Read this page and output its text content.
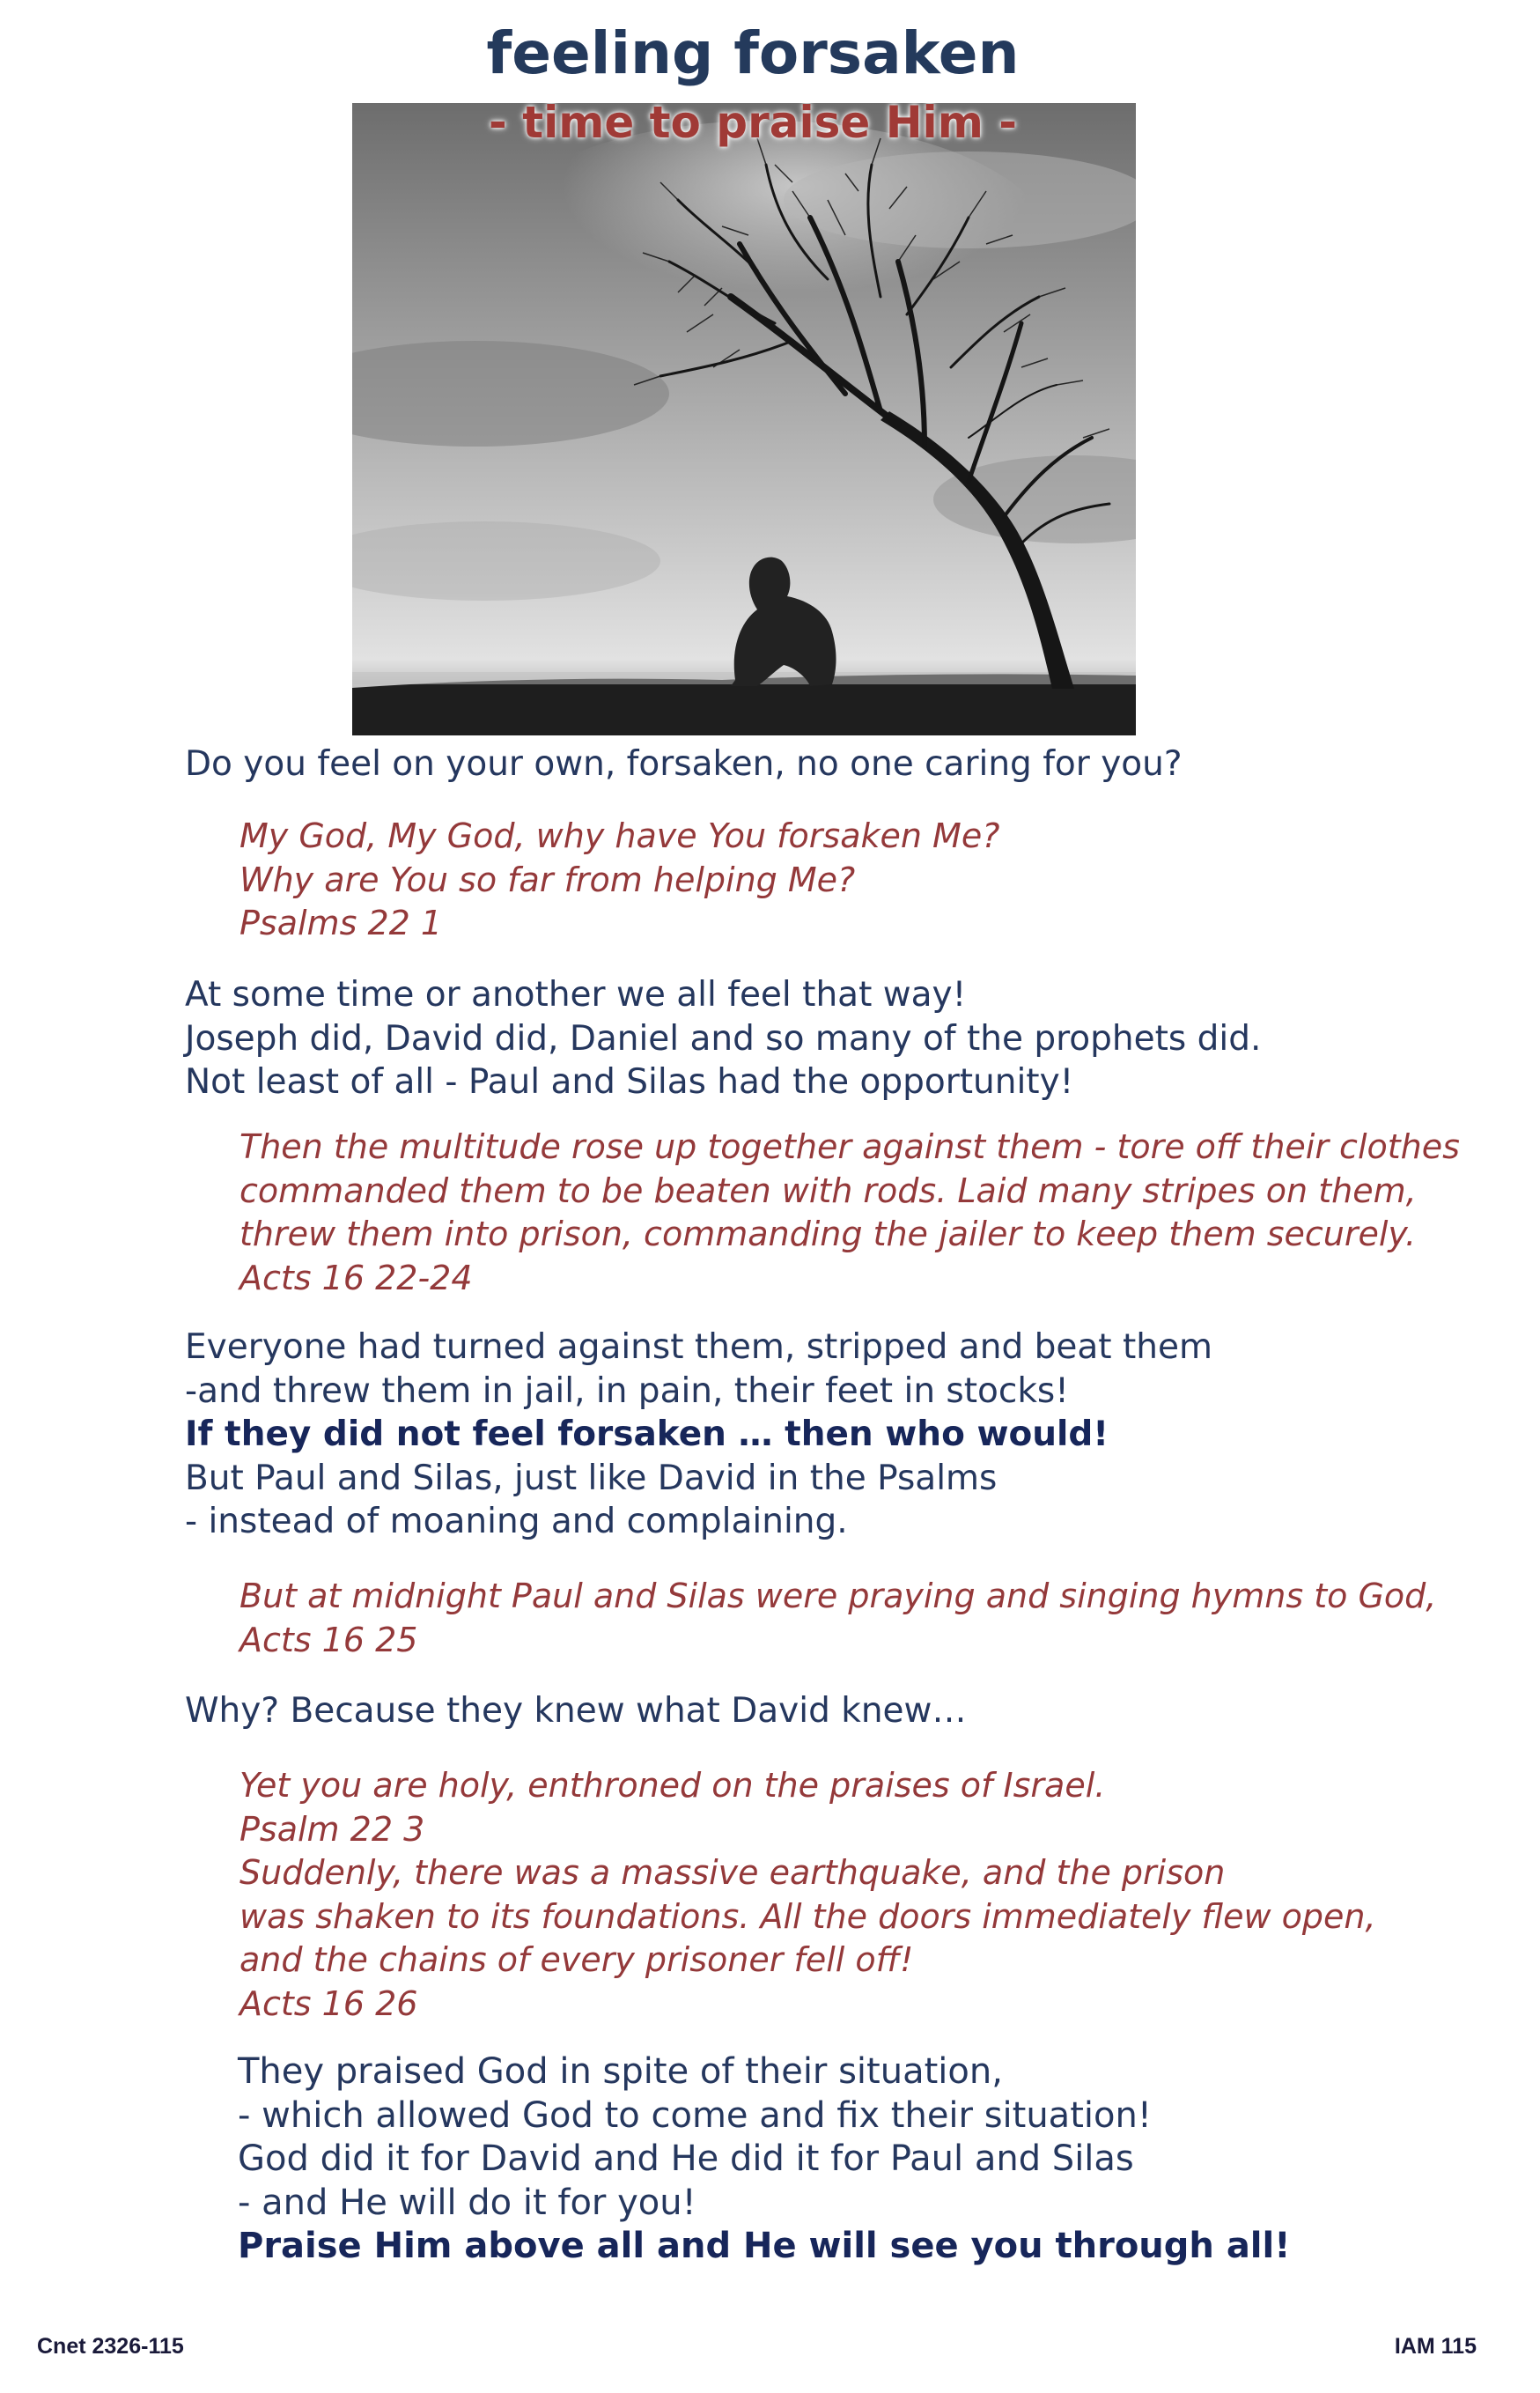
feeling forsaken
- time to praise Him -
Do you feel on your own, forsaken, no one caring for you?
My God, My God, why have You forsaken Me?
Why are You so far from helping Me?
Psalms 22 1
At some time or another we all feel that way!
Joseph did, David did, Daniel and so many of the prophets did.
Not least of all - Paul and Silas had the opportunity!
Then the multitude rose up together against them - tore off their clothes
commanded them to be beaten with rods. Laid many stripes on them,
threw them into prison, commanding the jailer to keep them securely.
Acts 16 22-24
Everyone had turned against them, stripped and beat them
-and threw them in jail, in pain, their feet in stocks!
If they did not feel forsaken … then who would!
But Paul and Silas, just like David in the Psalms
- instead of moaning and complaining.
But at midnight Paul and Silas were praying and singing hymns to God,
Acts 16 25
Why? Because they knew what David knew…
Yet you are holy, enthroned on the praises of Israel.
Psalm 22 3
Suddenly, there was a massive earthquake, and the prison
was shaken to its foundations. All the doors immediately flew open,
and the chains of every prisoner fell off!
Acts 16 26
They praised God in spite of their situation,
- which allowed God to come and fix their situation!
God did it for David and He did it for Paul and Silas
- and He will do it for you!
Praise Him above all and He will see you through all!
Cnet 2326-115	IAM 115
